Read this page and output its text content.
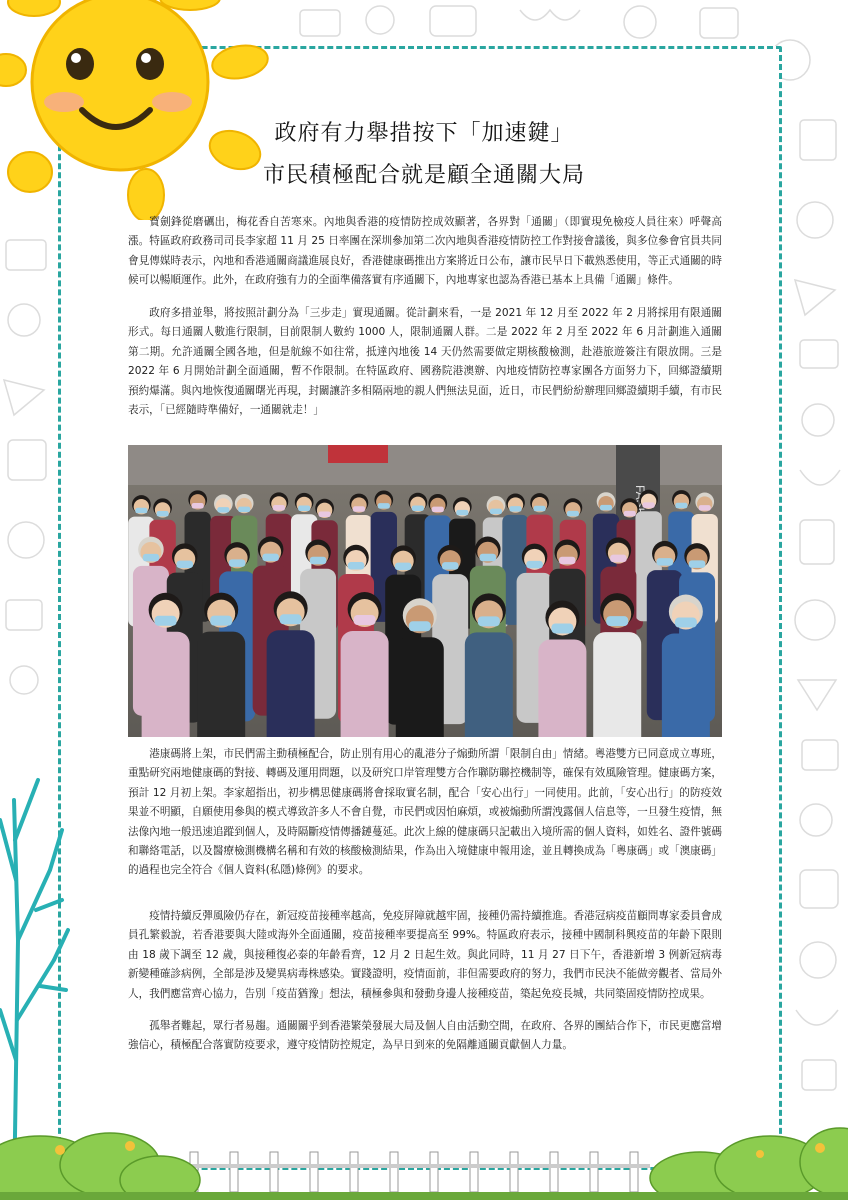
政府有力舉措按下「加速鍵」
市民積極配合就是顧全通關大局

寶劍鋒從磨礪出，梅花香自苦寒來。內地與香港的疫情防控成效顯著，各界對「通關」（即實現免檢疫人員往來）呼聲高漲。特區政府政務司司長李家超 11 月 25 日率團在深圳參加第二次內地與香港疫情防控工作對接會議後，與多位參會官員共同會見傳媒時表示，內地和香港通關商議進展良好，香港健康碼推出方案將近日公布，讓市民早日下載熟悉使用，等正式通關的時候可以暢順運作。此外，在政府強有力的全面準備落實有序通關下，內地專家也認為香港已基本上具備「通關」條件。

政府多措並舉，將按照計劃分為「三步走」實現通關。從計劃來看，一是 2021 年 12 月至 2022 年 2 月將採用有限通關形式。每日通關人數進行限制，目前限制人數約 1000 人，限制通關人群。二是 2022 年 2 月至 2022 年 6 月計劃進入通關第二期。允許通關全國各地，但是航線不如往常，抵達內地後 14 天仍然需要做定期核酸檢測，赴港旅遊簽注有限放開。三是 2022 年 6 月開始計劃全面通關，暫不作限制。在特區政府、國務院港澳辦、內地疫情防控專家團各方面努力下，回鄉證續期預約爆滿。與內地恢復通關曙光再現，封關讓許多相隔兩地的親人們無法見面，近日，市民們紛紛辦理回鄉證續期手續，有市民表示，「已經隨時準備好，一通關就走！」

FASHION

港康碼將上架，市民們需主動積極配合，防止別有用心的亂港分子煽動所謂「限制自由」情緒。粵港雙方已同意成立專班，重點研究兩地健康碼的對接、轉碼及運用問題，以及研究口岸管理雙方合作聯防聯控機制等，確保有效風險管理。健康碼方案，預計 12 月初上架。李家超指出，初步構思健康碼將會採取實名制，配合「安心出行」一同使用。此前，「安心出行」的防疫效果並不明顯，自願使用參與的模式導致許多人不會自覺，市民們或因怕麻煩，或被煽動所謂洩露個人信息等，一旦發生疫情，無法像內地一般迅速追蹤到個人，及時隔斷疫情傳播鏈蔓延。此次上線的健康碼只記載出入境所需的個人資料，如姓名、證件號碼和聯絡電話，以及醫療檢測機構名稱和有效的核酸檢測結果，作為出入境健康申報用途，並且轉換成為「粵康碼」或「澳康碼」的過程也完全符合《個人資料(私隱)條例》的要求。

疫情持續反彈風險仍存在，新冠疫苗接種率越高，免疫屏障就越牢固，接種仍需持續推進。香港冠病疫苗顧問專家委員會成員孔繁毅說，若香港要與大陸或海外全面通關，疫苗接種率要提高至 99%。特區政府表示，接種中國制科興疫苗的年齡下限則由 18 歲下調至 12 歲，與接種復必泰的年齡看齊，12 月 2 日起生效。與此同時，11 月 27 日下午，香港新增 3 例新冠病毒新變種確診病例，全部是涉及變異病毒株感染。實踐證明，疫情面前，非但需要政府的努力，我們市民決不能做旁觀者、當局外人，我們應當齊心協力，告別「疫苗猶豫」想法，積極參與和發動身邊人接種疫苗，築起免疫長城，共同築固疫情防控成果。

孤舉者難起，眾行者易趨。通關關乎到香港繁榮發展大局及個人自由活動空間，在政府、各界的團結合作下，市民更應當增強信心，積極配合落實防疫要求，遵守疫情防控規定，為早日到來的免隔離通關貢獻個人力量。
